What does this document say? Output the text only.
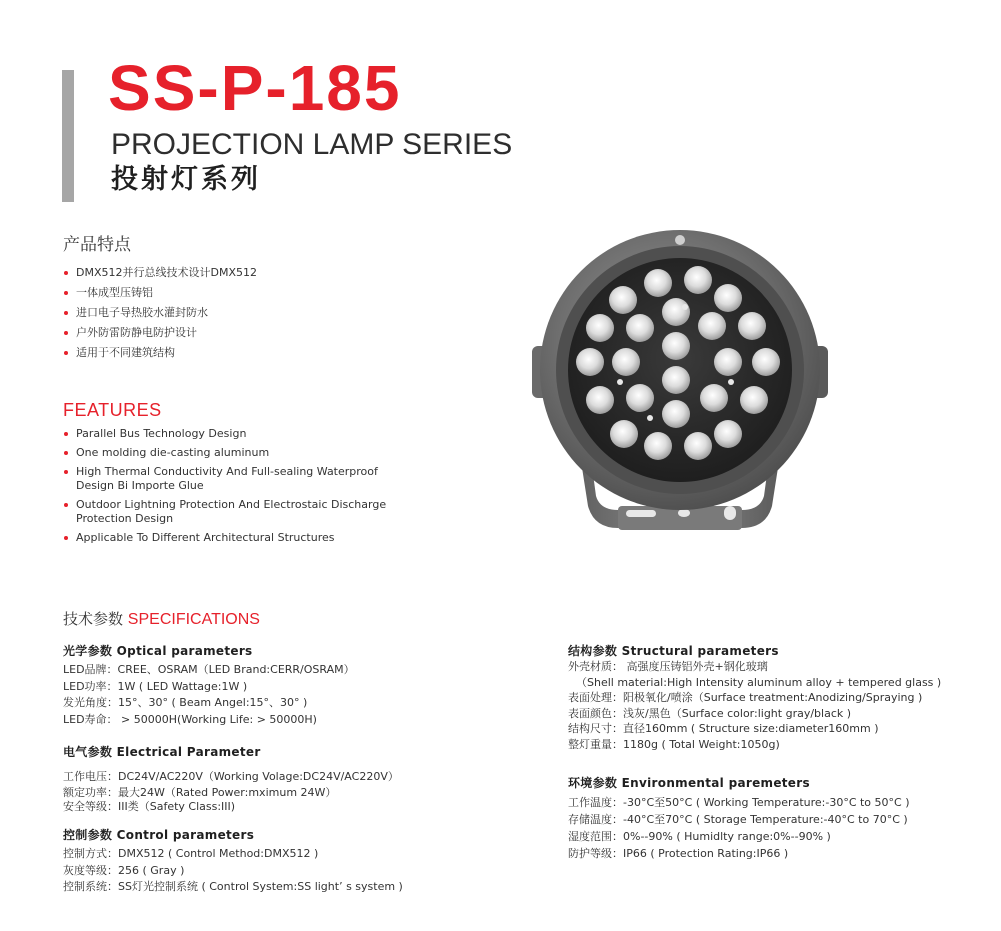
SS-P-185
PROJECTION LAMP SERIES
投射灯系列
产品特点
DMX512并行总线技术设计DMX512
一体成型压铸铝
进口电子导热胶水灌封防水
户外防雷防静电防护设计
适用于不同建筑结构
FEATURES
Parallel Bus Technology Design
One molding die-casting aluminum
High Thermal Conductivity And Full-sealing Waterproof Design Bi Importe Glue
Outdoor Lightning Protection And Electrostaic Discharge Protection Design
Applicable To Different Architectural Structures
技术参数 SPECIFICATIONS
光学参数 Optical parameters

LED品牌：CREE、OSRAM（LED Brand:CERR/OSRAM）

LED功率：1W ( LED Wattage:1W )

发光角度：15°、30° ( Beam Angel:15°、30° )

LED寿命： > 50000H(Working Life: > 50000H)

电气参数 Electrical Parameter

工作电压：DC24V/AC220V（Working Volage:DC24V/AC220V）

额定功率：最大24W（Rated Power:mximum 24W）

安全等级：III类（Safety Class:III)

控制参数 Control parameters

控制方式：DMX512 ( Control Method:DMX512 )

灰度等级：256 ( Gray )

控制系统：SS灯光控制系统 ( Control System:SS light’ s system )

结构参数 Structural parameters

外壳材质： 高强度压铸铝外壳+钢化玻璃

（Shell material:High Intensity aluminum alloy + tempered glass )

表面处理：阳极氧化/喷涂（Surface treatment:Anodizing/Spraying )

表面颜色：浅灰/黑色（Surface color:light gray/black )

结构尺寸：直径160mm ( Structure size:diameter160mm )

整灯重量：1180g ( Total Weight:1050g)

环境参数 Environmental paremeters

工作温度：-30°C至50°C ( Working Temperature:-30°C to 50°C )

存储温度：-40°C至70°C ( Storage Temperature:-40°C to 70°C )

湿度范围：0%--90% ( Humidlty range:0%--90% )

防护等级：IP66 ( Protection Rating:IP66 )
